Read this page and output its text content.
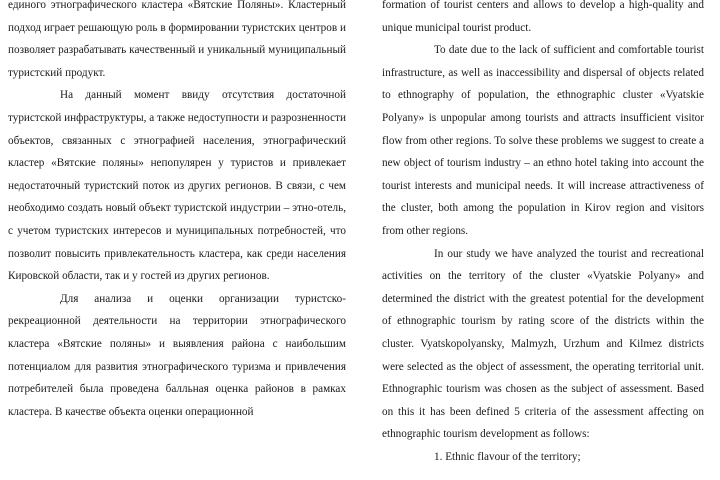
единого этнографического кластера «Вятские Поляны». Кластерный подход играет решающую роль в формировании туристских центров и позволяет разрабатывать качественный и уникальный муниципальный туристский продукт.

На данный момент ввиду отсутствия достаточной туристской инфраструктуры, а также недоступности и разрозненности объектов, связанных с этнографией населения, этнографический кластер «Вятские поляны» непопулярен у туристов и привлекает недостаточный туристский поток из других регионов. В связи, с чем необходимо создать новый объект туристской индустрии – этно-отель, с учетом туристских интересов и муниципальных потребностей, что позволит повысить привлекательность кластера, как среди населения Кировской области, так и у гостей из других регионов.

Для анализа и оценки организации туристско-рекреационной деятельности на территории этнографического кластера «Вятские поляны» и выявления района с наибольшим потенциалом для развития этнографического туризма и привлечения потребителей была проведена балльная оценка районов в рамках кластера. В качестве объекта оценки операционной

formation of tourist centers and allows to develop a high-quality and unique municipal tourist product.

To date due to the lack of sufficient and comfortable tourist infrastructure, as well as inaccessibility and dispersal of objects related to ethnography of population, the ethnographic cluster «Vyatskie Polyany» is unpopular among tourists and attracts insufficient visitor flow from other regions. To solve these problems we suggest to create a new object of tourism industry – an ethno hotel taking into account the tourist interests and municipal needs. It will increase attractiveness of the cluster, both among the population in Kirov region and visitors from other regions.

In our study we have analyzed the tourist and recreational activities on the territory of the cluster «Vyatskie Polyany» and determined the district with the greatest potential for the development of ethnographic tourism by rating score of the districts within the cluster. Vyatskopolyansky, Malmyzh, Urzhum and Kilmez districts were selected as the object of assessment, the operating territorial unit. Ethnographic tourism was chosen as the subject of assessment. Based on this it has been defined 5 criteria of the assessment affecting on ethnographic tourism development as follows:

1. Ethnic flavour of the territory;
